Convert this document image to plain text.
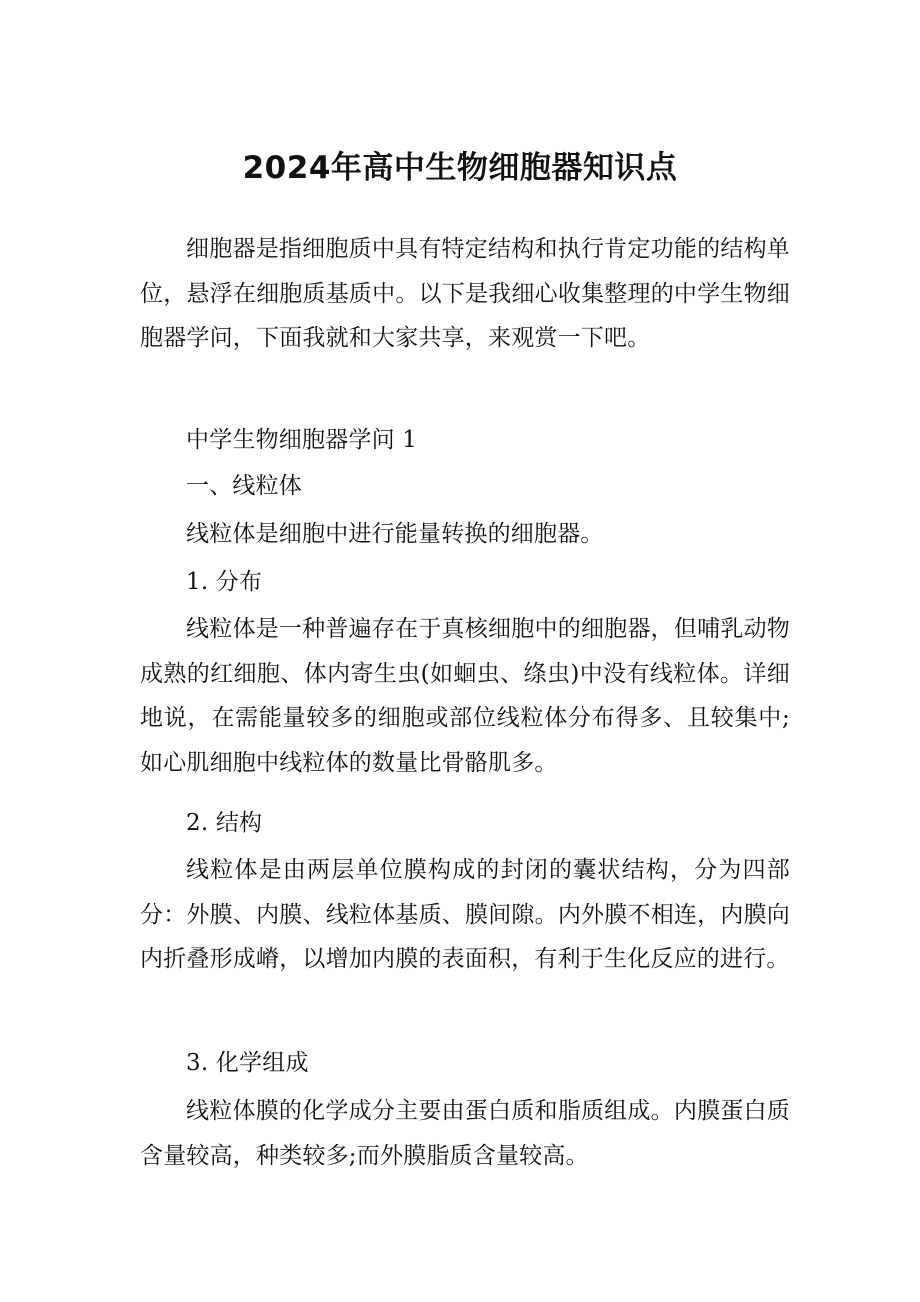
2024年高中生物细胞器知识点

细胞器是指细胞质中具有特定结构和执行肯定功能的结构单位，悬浮在细胞质基质中。以下是我细心收集整理的中学生物细胞器学问，下面我就和大家共享，来观赏一下吧。

中学生物细胞器学问 1

一、线粒体

线粒体是细胞中进行能量转换的细胞器。

1. 分布

线粒体是一种普遍存在于真核细胞中的细胞器，但哺乳动物成熟的红细胞、体内寄生虫(如蛔虫、绦虫)中没有线粒体。详细地说，在需能量较多的细胞或部位线粒体分布得多、且较集中;如心肌细胞中线粒体的数量比骨骼肌多。

2. 结构

线粒体是由两层单位膜构成的封闭的囊状结构，分为四部分：外膜、内膜、线粒体基质、膜间隙。内外膜不相连，内膜向内折叠形成嵴，以增加内膜的表面积，有利于生化反应的进行。

3. 化学组成

线粒体膜的化学成分主要由蛋白质和脂质组成。内膜蛋白质含量较高，种类较多;而外膜脂质含量较高。
